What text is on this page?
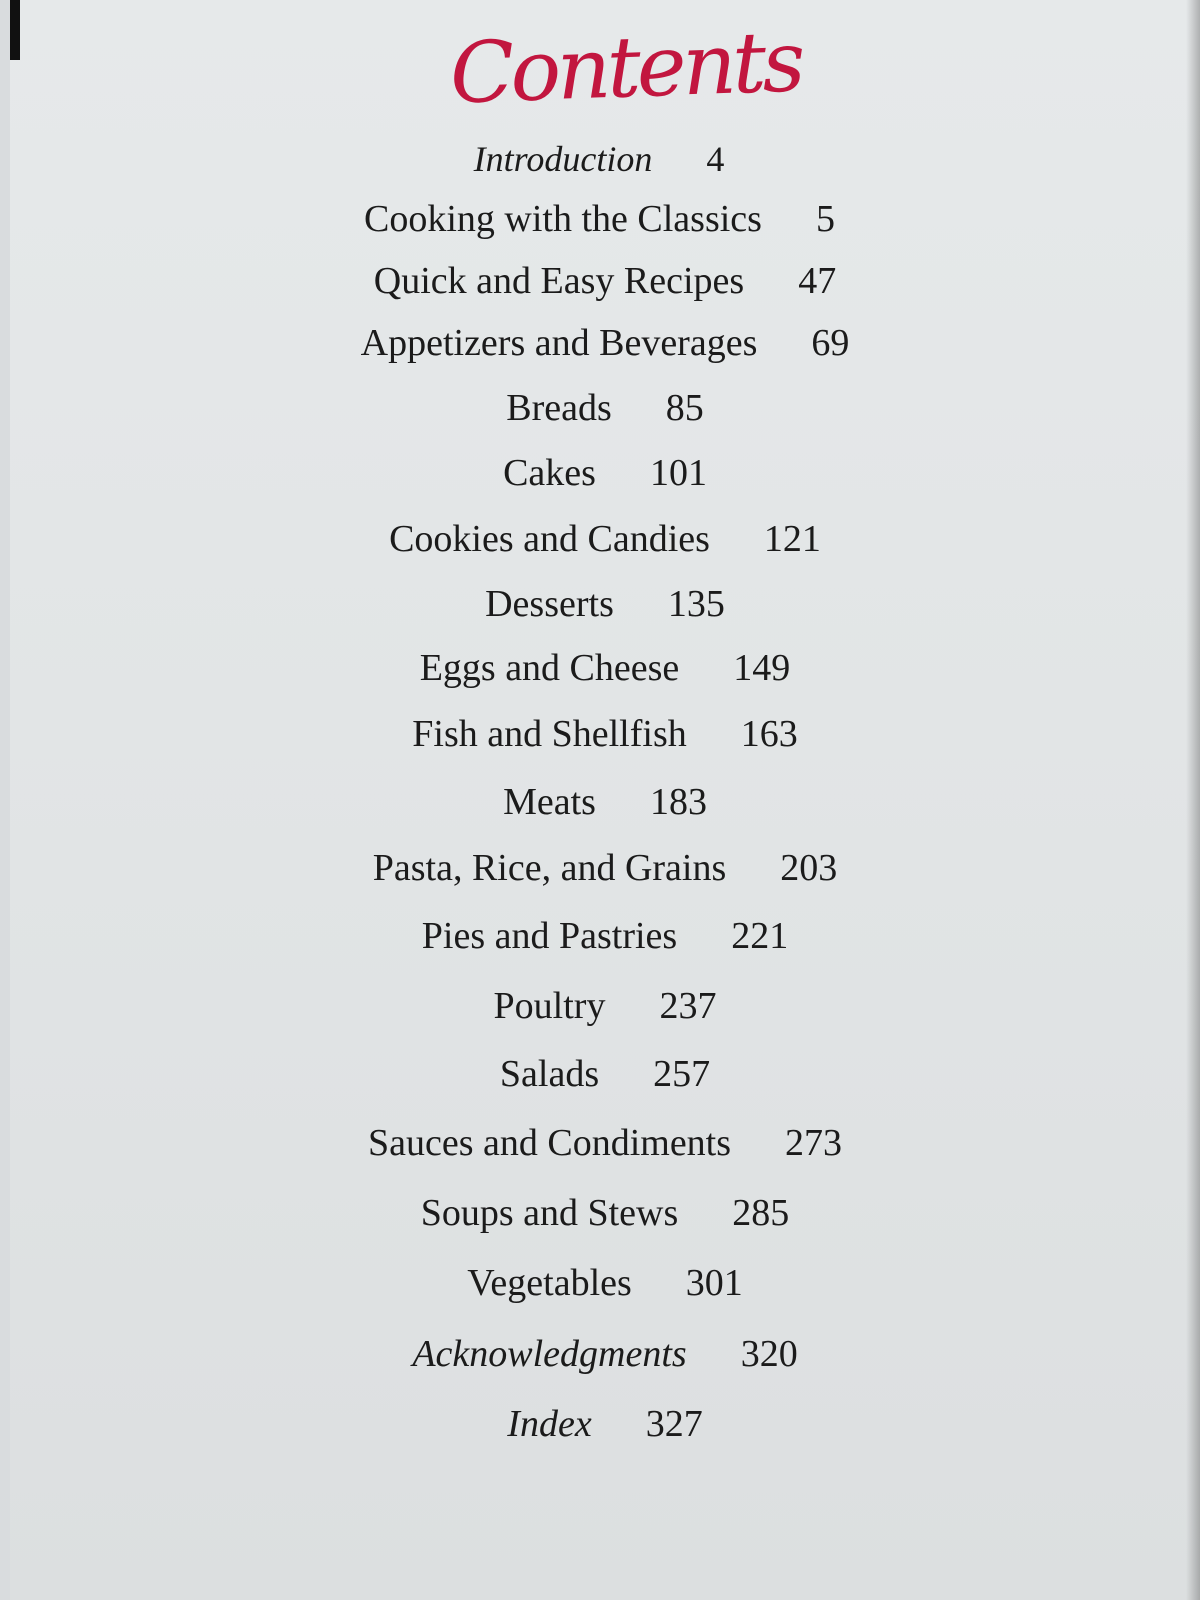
Contents
Introduction 4
Cooking with the Classics 5
Quick and Easy Recipes 47
Appetizers and Beverages 69
Breads 85
Cakes 101
Cookies and Candies 121
Desserts 135
Eggs and Cheese 149
Fish and Shellfish 163
Meats 183
Pasta, Rice, and Grains 203
Pies and Pastries 221
Poultry 237
Salads 257
Sauces and Condiments 273
Soups and Stews 285
Vegetables 301
Acknowledgments 320
Index 327
